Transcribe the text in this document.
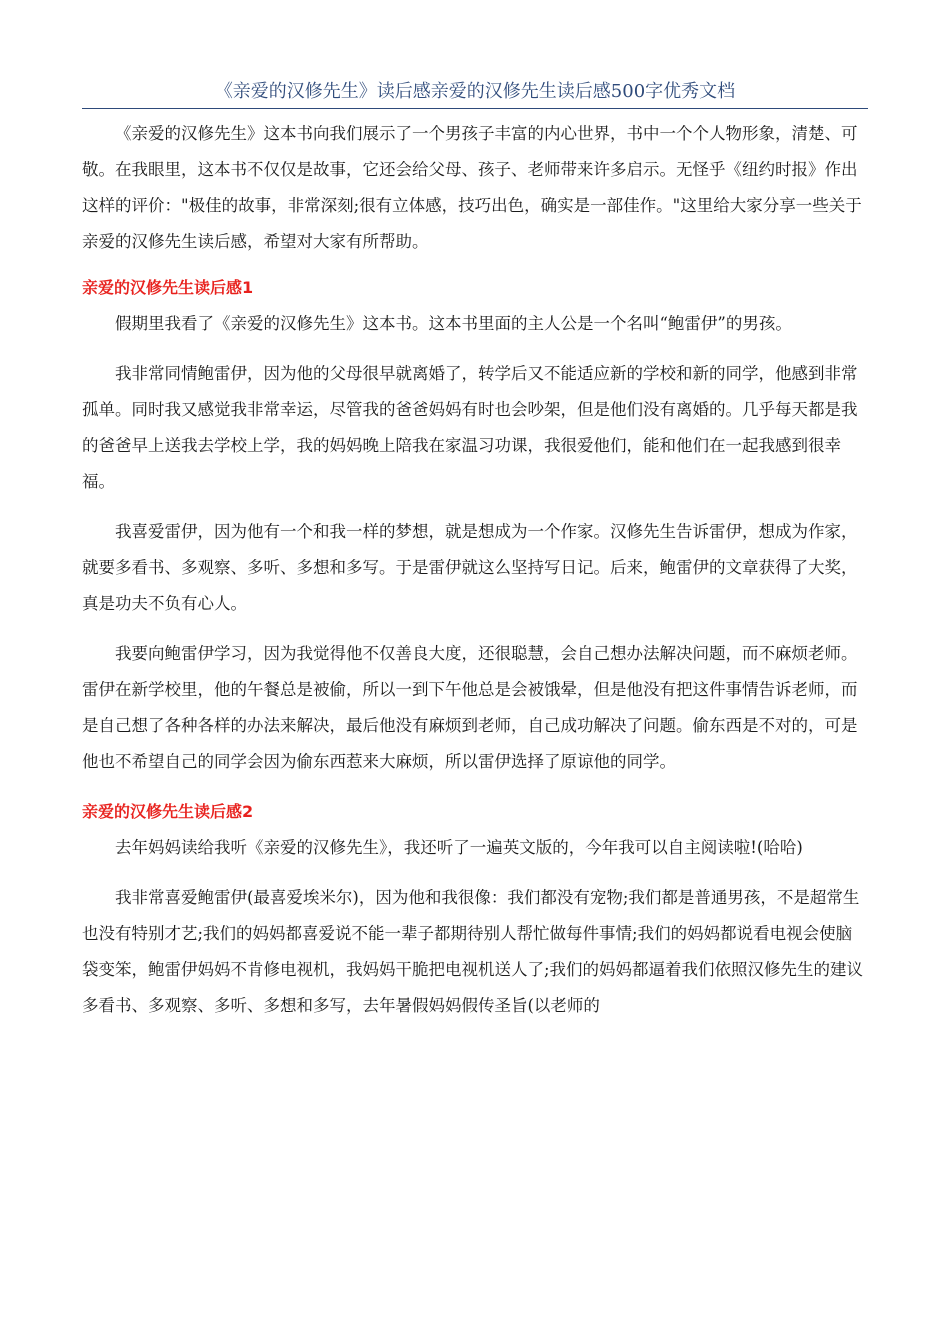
《亲爱的汉修先生》读后感亲爱的汉修先生读后感500字优秀文档

《亲爱的汉修先生》这本书向我们展示了一个男孩子丰富的内心世界，书中一个个人物形象，清楚、可敬。在我眼里，这本书不仅仅是故事，它还会给父母、孩子、老师带来许多启示。无怪乎《纽约时报》作出这样的评价："极佳的故事，非常深刻;很有立体感，技巧出色，确实是一部佳作。"这里给大家分享一些关于亲爱的汉修先生读后感，希望对大家有所帮助。

亲爱的汉修先生读后感1

假期里我看了《亲爱的汉修先生》这本书。这本书里面的主人公是一个名叫“鲍雷伊”的男孩。

我非常同情鲍雷伊，因为他的父母很早就离婚了，转学后又不能适应新的学校和新的同学，他感到非常孤单。同时我又感觉我非常幸运，尽管我的爸爸妈妈有时也会吵架，但是他们没有离婚的。几乎每天都是我的爸爸早上送我去学校上学，我的妈妈晚上陪我在家温习功课，我很爱他们，能和他们在一起我感到很幸福。

我喜爱雷伊，因为他有一个和我一样的梦想，就是想成为一个作家。汉修先生告诉雷伊，想成为作家，就要多看书、多观察、多听、多想和多写。于是雷伊就这么坚持写日记。后来，鲍雷伊的文章获得了大奖，真是功夫不负有心人。

我要向鲍雷伊学习，因为我觉得他不仅善良大度，还很聪慧，会自己想办法解决问题，而不麻烦老师。雷伊在新学校里，他的午餐总是被偷，所以一到下午他总是会被饿晕，但是他没有把这件事情告诉老师，而是自己想了各种各样的办法来解决，最后他没有麻烦到老师，自己成功解决了问题。偷东西是不对的，可是他也不希望自己的同学会因为偷东西惹来大麻烦，所以雷伊选择了原谅他的同学。

亲爱的汉修先生读后感2

去年妈妈读给我听《亲爱的汉修先生》，我还听了一遍英文版的，今年我可以自主阅读啦!(哈哈)

我非常喜爱鲍雷伊(最喜爱埃米尔)，因为他和我很像：我们都没有宠物;我们都是普通男孩，不是超常生也没有特别才艺;我们的妈妈都喜爱说不能一辈子都期待别人帮忙做每件事情;我们的妈妈都说看电视会使脑袋变笨，鲍雷伊妈妈不肯修电视机，我妈妈干脆把电视机送人了;我们的妈妈都逼着我们依照汉修先生的建议多看书、多观察、多听、多想和多写，去年暑假妈妈假传圣旨(以老师的
